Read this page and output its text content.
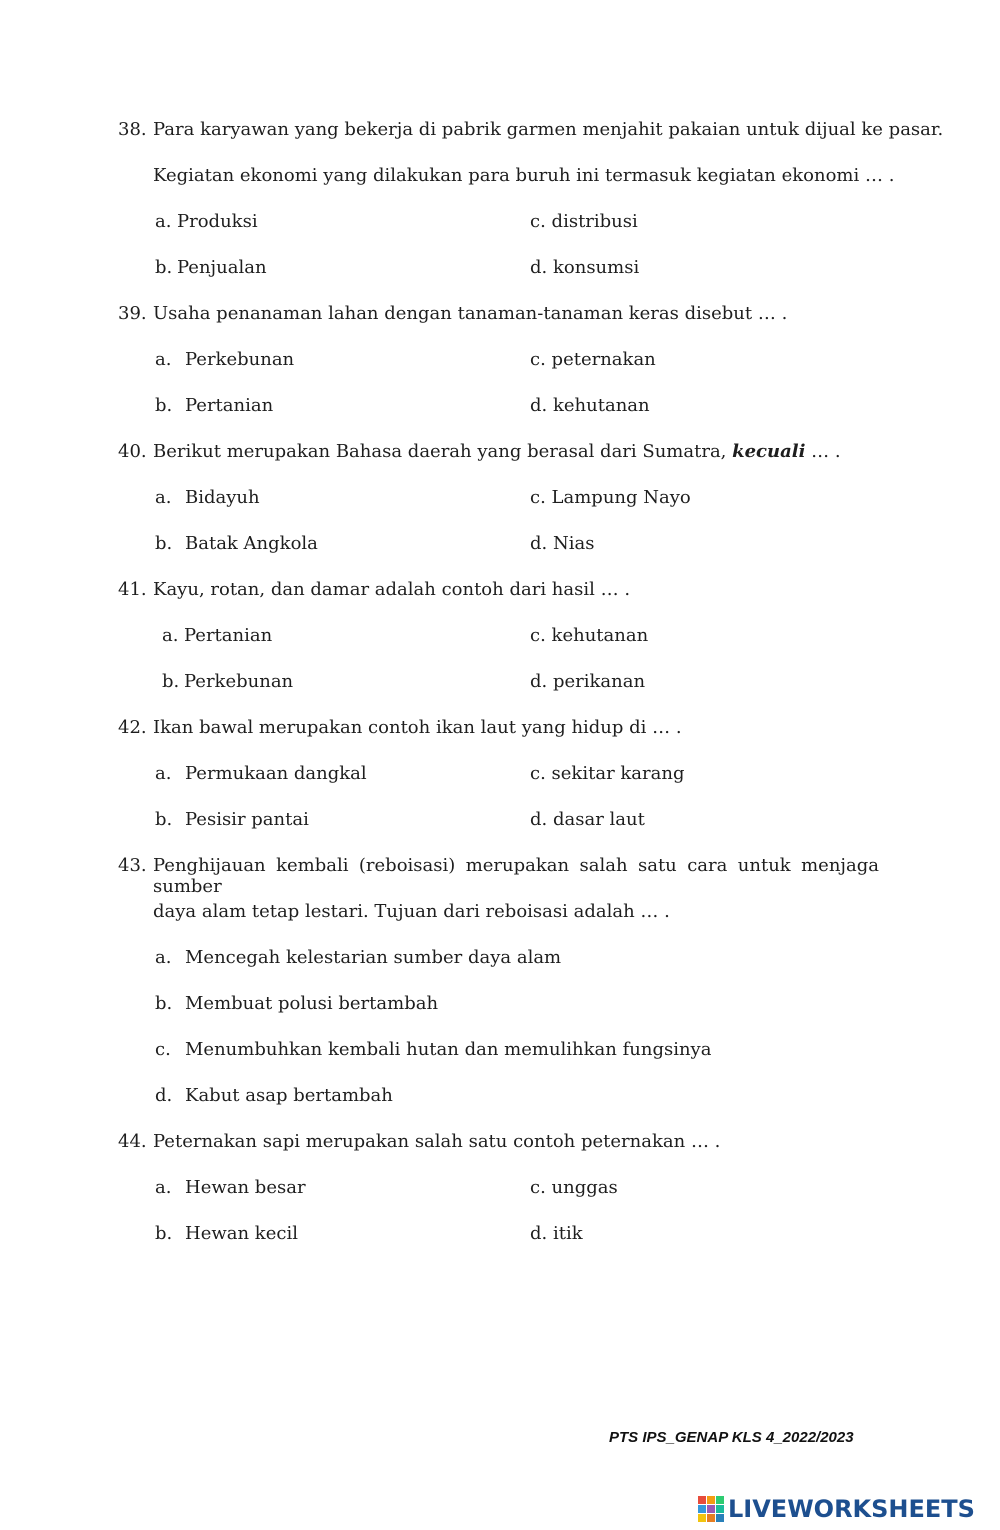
38. Para karyawan yang bekerja di pabrik garmen menjahit pakaian untuk dijual ke pasar.
Kegiatan ekonomi yang dilakukan para buruh ini termasuk kegiatan ekonomi … .
a. Produksi
b. Penjualan
c. distribusi
d. konsumsi
39. Usaha penanaman lahan dengan tanaman-tanaman keras disebut … .
a. Perkebunan
b. Pertanian
c. peternakan
d. kehutanan
40. Berikut merupakan Bahasa daerah yang berasal dari Sumatra, kecuali … .
a. Bidayuh
b. Batak Angkola
c. Lampung Nayo
d. Nias
41. Kayu, rotan, dan damar adalah contoh dari hasil … .
a. Pertanian
b. Perkebunan
c. kehutanan
d. perikanan
42. Ikan bawal merupakan contoh ikan laut yang hidup di … .
a. Permukaan dangkal
b. Pesisir pantai
c. sekitar karang
d. dasar laut
43. Penghijauan kembali (reboisasi) merupakan salah satu cara untuk menjaga sumber
daya alam tetap lestari. Tujuan dari reboisasi adalah … .
a. Mencegah kelestarian sumber daya alam
b. Membuat polusi bertambah
c. Menumbuhkan kembali hutan dan memulihkan fungsinya
d. Kabut asap bertambah
44. Peternakan sapi merupakan salah satu contoh peternakan … .
a. Hewan besar
b. Hewan kecil
c. unggas
d. itik
PTS IPS_GENAP KLS 4_2022/2023
LIVEWORKSHEETS
